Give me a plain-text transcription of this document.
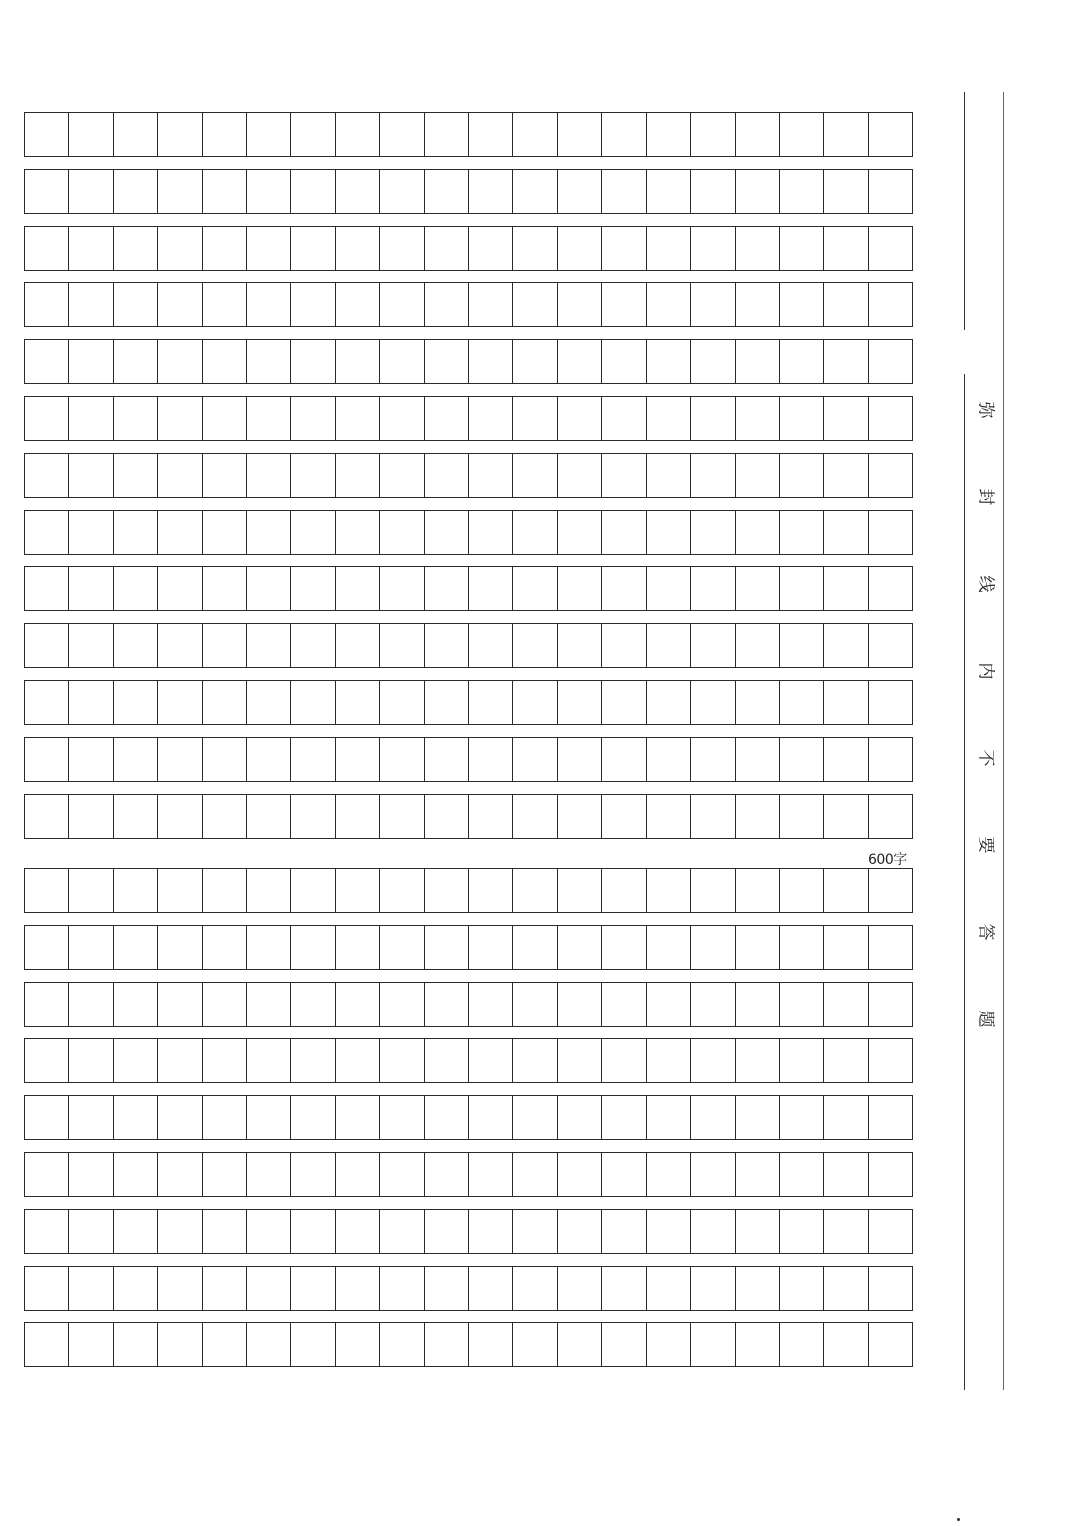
600字
弥
封
线
内
不
要
答
题
